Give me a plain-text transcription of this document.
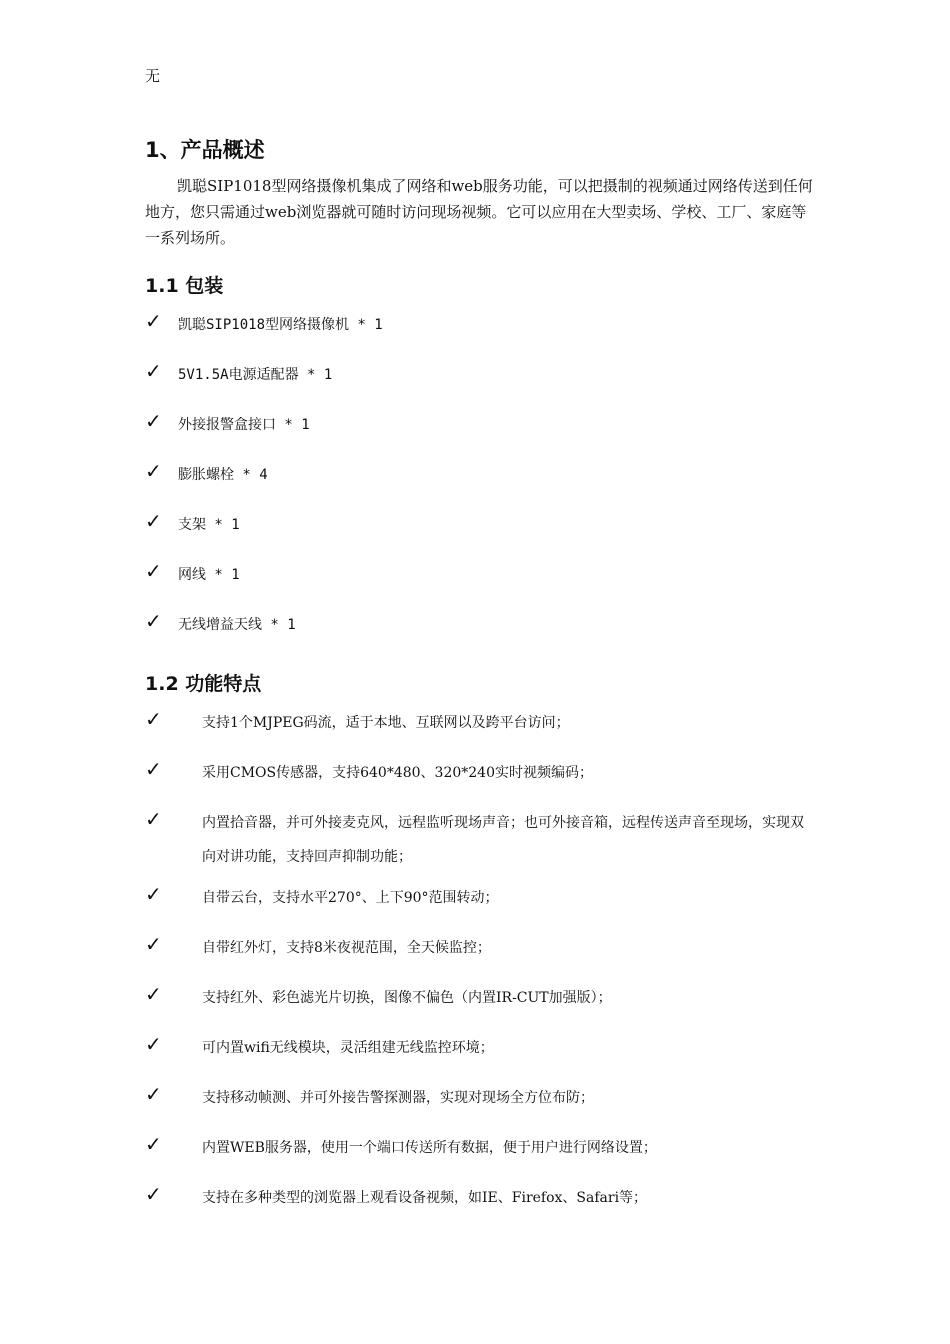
无
1、产品概述

凯聪SIP1018型网络摄像机集成了网络和web服务功能，可以把摄制的视频通过网络传送到任何地方，您只需通过web浏览器就可随时访问现场视频。它可以应用在大型卖场、学校、工厂、家庭等一系列场所。

1.1 包装
✓ 凯聪SIP1018型网络摄像机 * 1
✓ 5V1.5A电源适配器 * 1
✓ 外接报警盒接口 * 1
✓ 膨胀螺栓 * 4
✓ 支架 * 1
✓ 网线 * 1
✓ 无线增益天线 * 1
1.2 功能特点
✓	支持1个MJPEG码流，适于本地、互联网以及跨平台访问；
✓	采用CMOS传感器，支持640*480、320*240实时视频编码；
✓	内置拾音器，并可外接麦克风，远程监听现场声音；也可外接音箱，远程传送声音至现场，实现双向对讲功能，支持回声抑制功能；
✓	自带云台，支持水平270°、上下90°范围转动；
✓	自带红外灯，支持8米夜视范围，全天候监控；
✓	支持红外、彩色滤光片切换，图像不偏色（内置IR-CUT加强版）；
✓	可内置wifi无线模块，灵活组建无线监控环境；
✓	支持移动帧测、并可外接告警探测器，实现对现场全方位布防；
✓	内置WEB服务器，使用一个端口传送所有数据，便于用户进行网络设置；
✓	支持在多种类型的浏览器上观看设备视频，如IE、Firefox、Safari等；
